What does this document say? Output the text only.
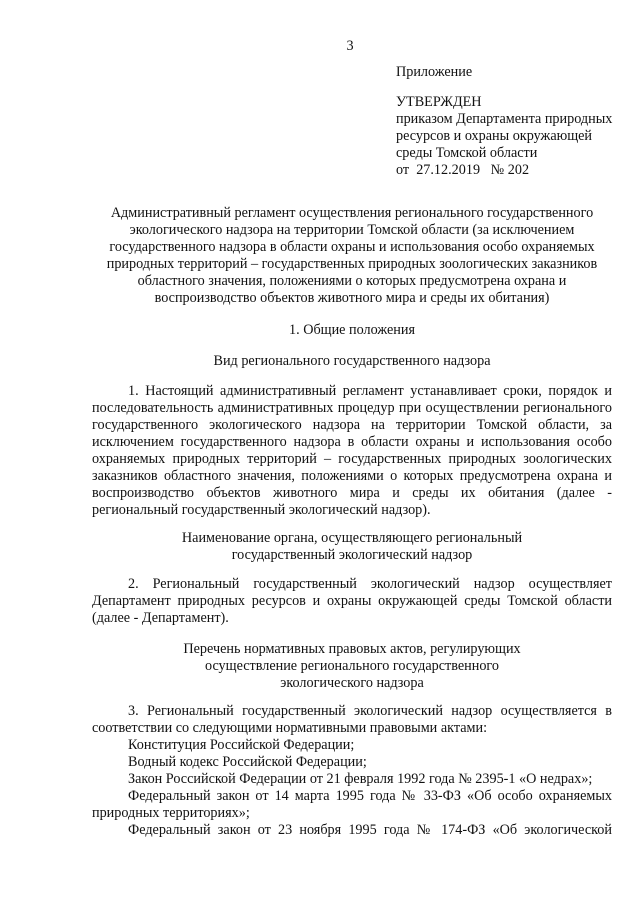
3
Приложение
УТВЕРЖДЕН
приказом Департамента природных
ресурсов и охраны окружающей
среды Томской области
от  27.12.2019   № 202
Административный регламент осуществления регионального государственного
экологического надзора на территории Томской области (за исключением
государственного надзора в области охраны и использования особо охраняемых
природных территорий – государственных природных зоологических заказников
областного значения, положениями о которых предусмотрена охрана и
воспроизводство объектов животного мира и среды их обитания)
1. Общие положения
Вид регионального государственного надзора
1. Настоящий административный регламент устанавливает сроки, порядок и
последовательность административных процедур при осуществлении регионального
государственного экологического надзора на территории Томской области, за
исключением государственного надзора в области охраны и использования особо
охраняемых природных территорий – государственных природных зоологических
заказников областного значения, положениями о которых предусмотрена охрана и
воспроизводство объектов животного мира и среды их обитания (далее -
региональный государственный экологический надзор).
Наименование органа, осуществляющего региональный
государственный экологический надзор
2. Региональный государственный экологический надзор осуществляет
Департамент природных ресурсов и охраны окружающей среды Томской области
(далее - Департамент).
Перечень нормативных правовых актов, регулирующих
осуществление регионального государственного
экологического надзора
3. Региональный государственный экологический надзор осуществляется в
соответствии со следующими нормативными правовыми актами:
Конституция Российской Федерации;
Водный кодекс Российской Федерации;
Закон Российской Федерации от 21 февраля 1992 года № 2395-1 «О недрах»;
Федеральный закон от 14 марта 1995 года № 33-ФЗ «Об особо охраняемых
природных территориях»;
Федеральный закон от 23 ноября 1995 года № 174-ФЗ «Об экологической
